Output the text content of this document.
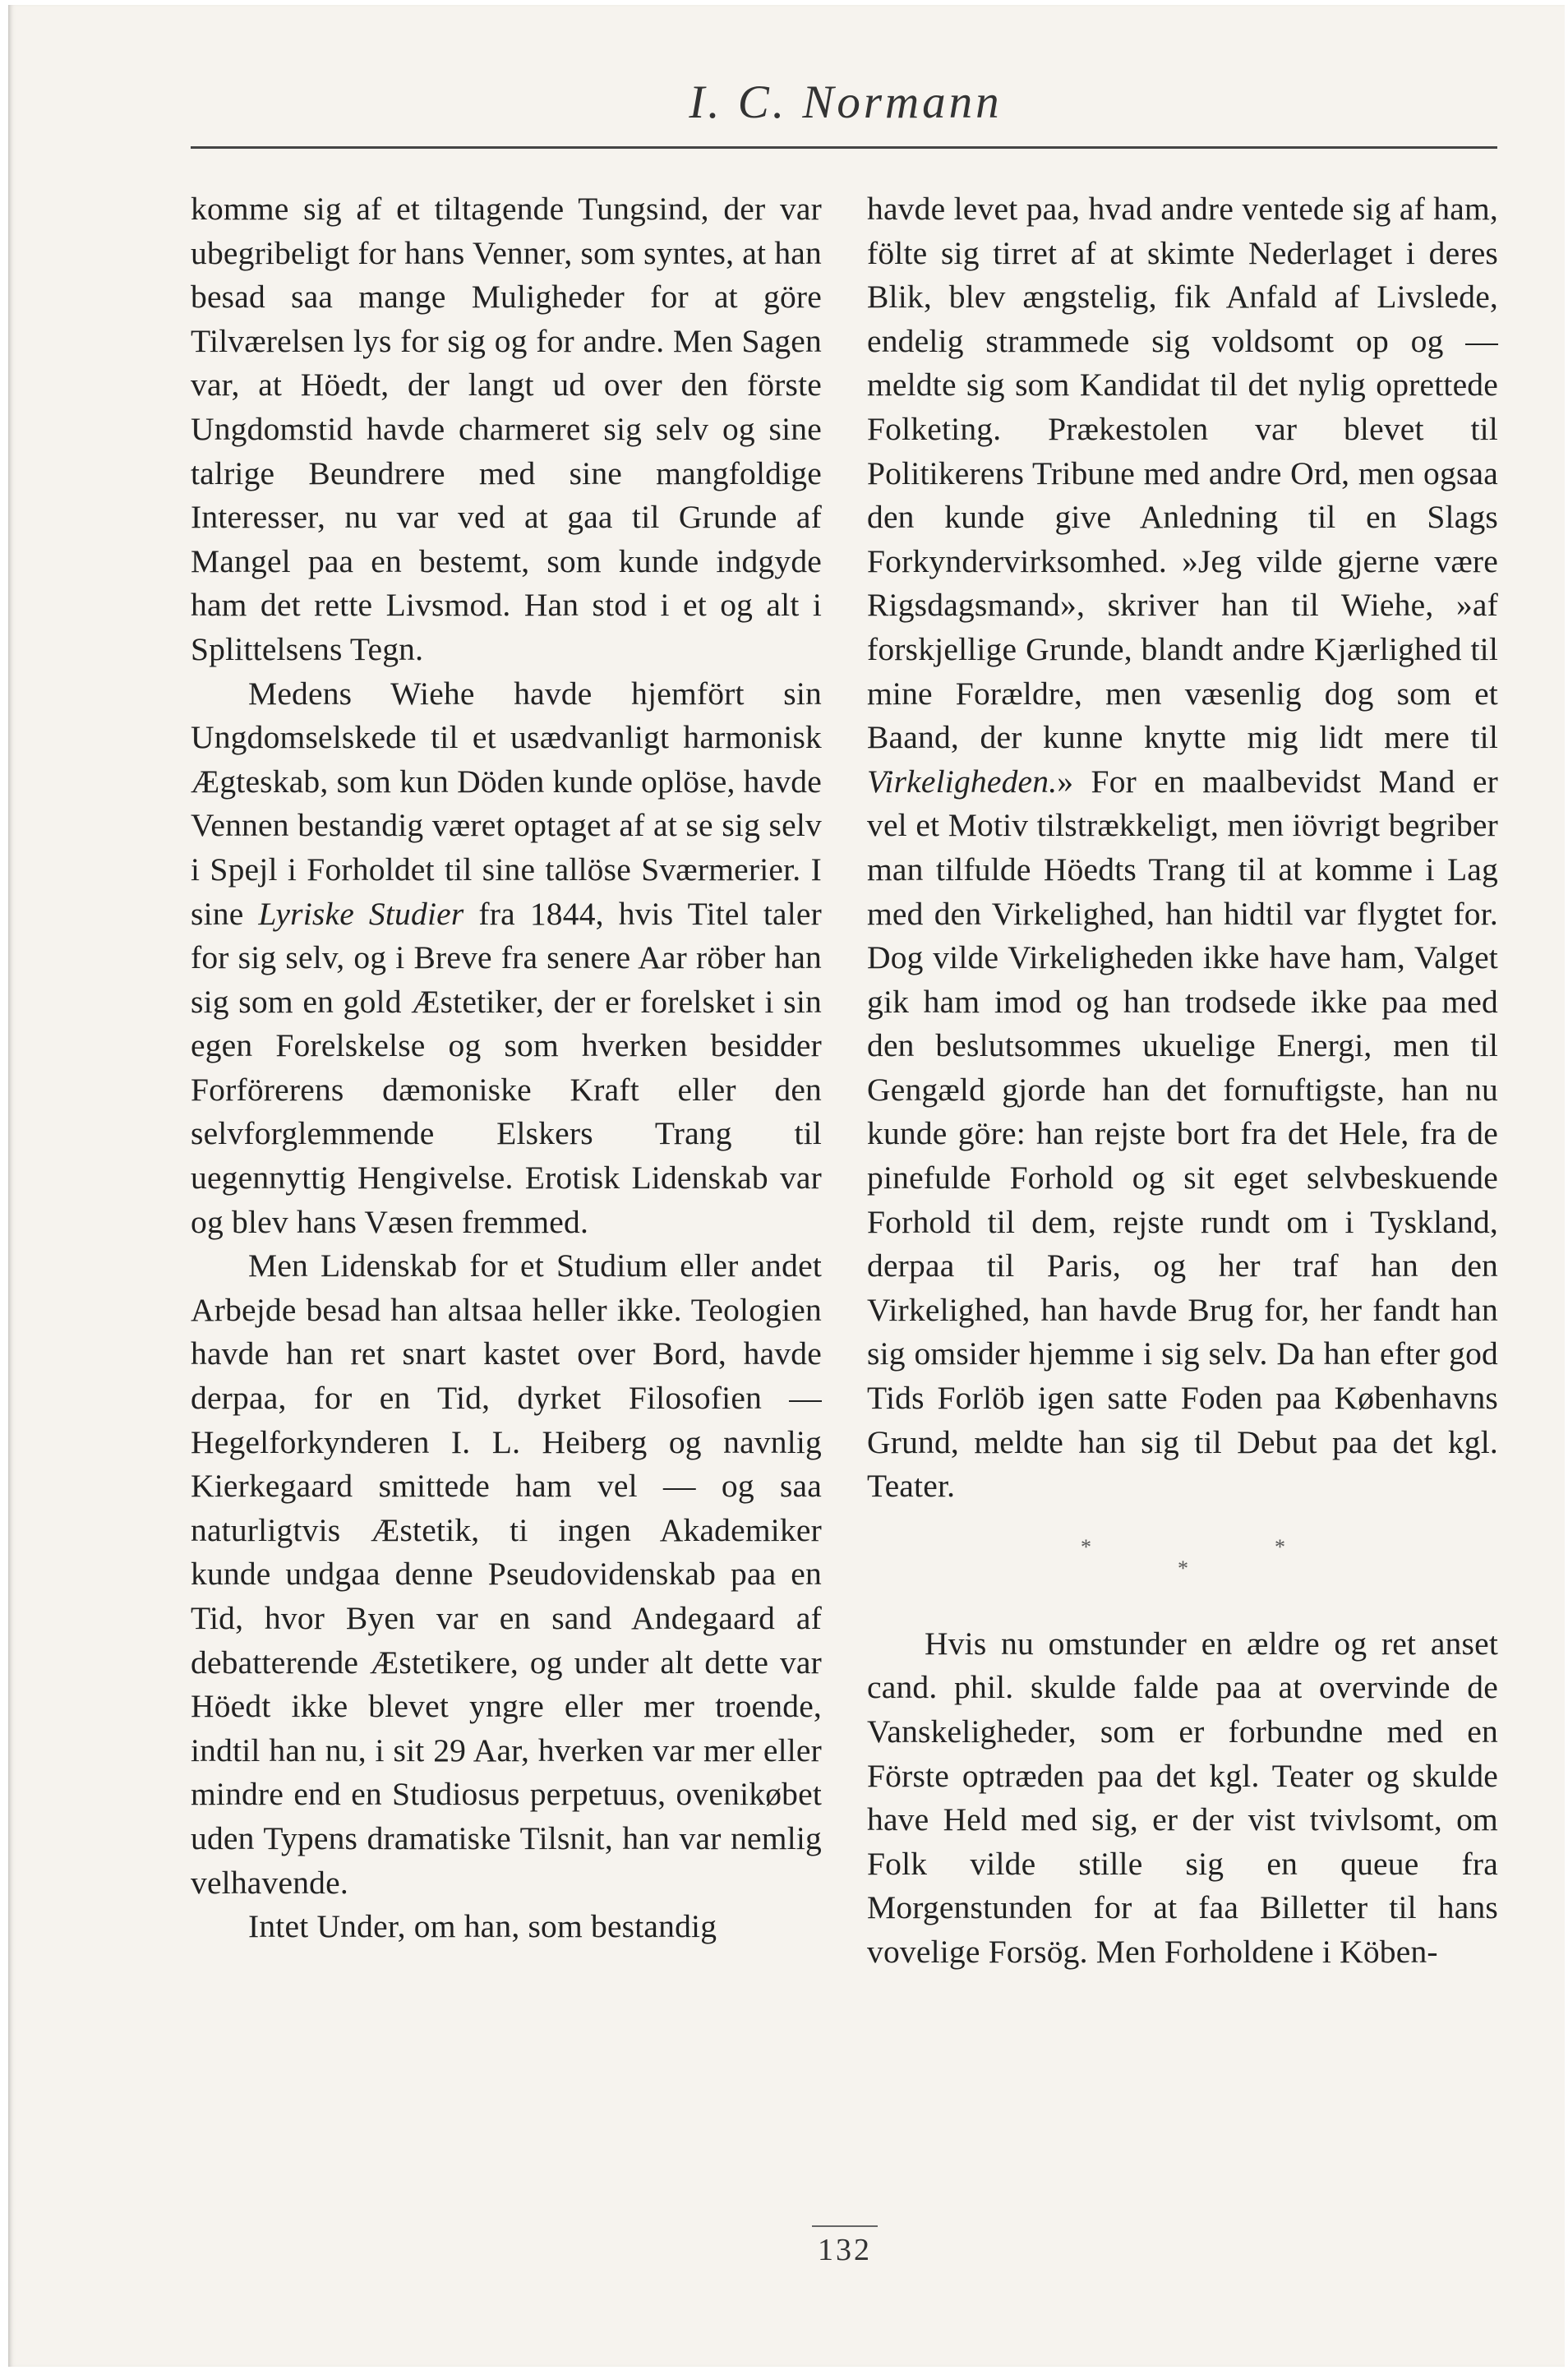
I. C. Normann

komme sig af et tiltagende Tungsind, der var ubegribeligt for hans Venner, som syntes, at han besad saa mange Muligheder for at göre Tilværelsen lys for sig og for andre. Men Sagen var, at Höedt, der langt ud over den förste Ungdomstid havde charmeret sig selv og sine talrige Beundrere med sine mangfoldige Interesser, nu var ved at gaa til Grunde af Mangel paa en bestemt, som kunde indgyde ham det rette Livsmod. Han stod i et og alt i Splittelsens Tegn.

Medens Wiehe havde hjemfört sin Ungdomselskede til et usædvanligt harmonisk Ægteskab, som kun Döden kunde oplöse, havde Vennen bestandig været optaget af at se sig selv i Spejl i Forholdet til sine tallöse Sværmerier. I sine Lyriske Studier fra 1844, hvis Titel taler for sig selv, og i Breve fra senere Aar röber han sig som en gold Æstetiker, der er forelsket i sin egen Forelskelse og som hverken besidder Forförerens dæmoniske Kraft eller den selvforglemmende Elskers Trang til uegennyttig Hengivelse. Erotisk Lidenskab var og blev hans Væsen fremmed.

Men Lidenskab for et Studium eller andet Arbejde besad han altsaa heller ikke. Teologien havde han ret snart kastet over Bord, havde derpaa, for en Tid, dyrket Filosofien — Hegelforkynderen I. L. Heiberg og navnlig Kierkegaard smittede ham vel — og saa naturligtvis Æstetik, ti ingen Akademiker kunde undgaa denne Pseudovidenskab paa en Tid, hvor Byen var en sand Andegaard af debatterende Æstetikere, og under alt dette var Höedt ikke blevet yngre eller mer troende, indtil han nu, i sit 29 Aar, hverken var mer eller mindre end en Studiosus perpetuus, ovenikøbet uden Typens dramatiske Tilsnit, han var nemlig velhavende.

Intet Under, om han, som bestandig

havde levet paa, hvad andre ventede sig af ham, fölte sig tirret af at skimte Nederlaget i deres Blik, blev ængstelig, fik Anfald af Livslede, endelig strammede sig voldsomt op og — meldte sig som Kandidat til det nylig oprettede Folketing. Prækestolen var blevet til Politikerens Tribune med andre Ord, men ogsaa den kunde give Anledning til en Slags Forkyndervirksomhed. »Jeg vilde gjerne være Rigsdagsmand», skriver han til Wiehe, »af forskjellige Grunde, blandt andre Kjærlighed til mine Forældre, men væsenlig dog som et Baand, der kunne knytte mig lidt mere til Virkeligheden.» For en maalbevidst Mand er vel et Motiv tilstrækkeligt, men iövrigt begriber man tilfulde Höedts Trang til at komme i Lag med den Virkelighed, han hidtil var flygtet for. Dog vilde Virkeligheden ikke have ham, Valget gik ham imod og han trodsede ikke paa med den beslutsommes ukuelige Energi, men til Gengæld gjorde han det fornuftigste, han nu kunde göre: han rejste bort fra det Hele, fra de pinefulde Forhold og sit eget selvbeskuende Forhold til dem, rejste rundt om i Tyskland, derpaa til Paris, og her traf han den Virkelighed, han havde Brug for, her fandt han sig omsider hjemme i sig selv. Da han efter god Tids Forlöb igen satte Foden paa Københavns Grund, meldte han sig til Debut paa det kgl. Teater.

*
*
*

Hvis nu omstunder en ældre og ret anset cand. phil. skulde falde paa at overvinde de Vanskeligheder, som er forbundne med en Förste optræden paa det kgl. Teater og skulde have Held med sig, er der vist tvivlsomt, om Folk vilde stille sig en queue fra Morgenstunden for at faa Billetter til hans vovelige Forsög. Men Forholdene i Köben-

132
